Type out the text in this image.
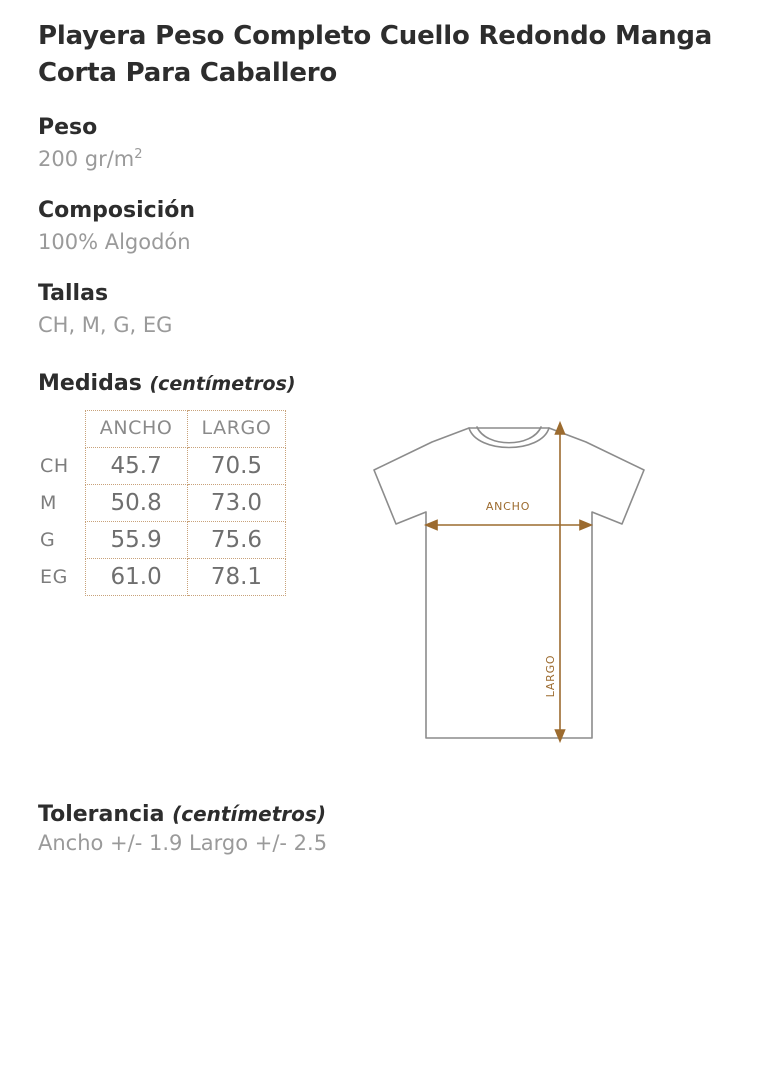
Playera Peso Completo Cuello Redondo Manga Corta Para Caballero
Peso
200 $gr/m^2$
Composición
100% Algodón
Tallas
CH, M, G, EG
Medidas (centímetros)
	ANCHO	LARGO
CH	45.7	70.5
M	50.8	73.0
G	55.9	75.6
EG	61.0	78.1
ANCHO
LARGO
Tolerancia (centímetros)
Ancho +/- 1.9 Largo +/- 2.5
